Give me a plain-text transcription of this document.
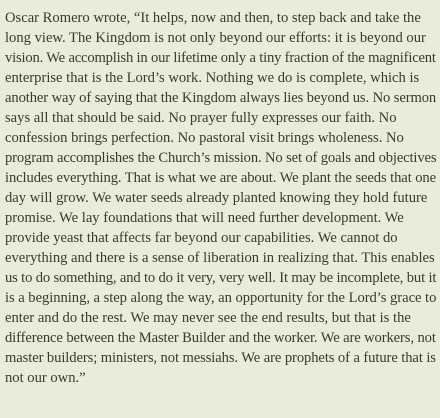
Oscar Romero wrote, “It helps, now and then, to step back and take the
long view. The Kingdom is not only beyond our efforts: it is beyond our
vision. We accomplish in our lifetime only a tiny fraction of the magnificent
enterprise that is the Lord’s work. Nothing we do is complete, which is
another way of saying that the Kingdom always lies beyond us. No sermon
says all that should be said. No prayer fully expresses our faith. No
confession brings perfection. No pastoral visit brings wholeness. No
program accomplishes the Church’s mission. No set of goals and objectives
includes everything. That is what we are about. We plant the seeds that one
day will grow. We water seeds already planted knowing they hold future
promise. We lay foundations that will need further development. We
provide yeast that affects far beyond our capabilities. We cannot do
everything and there is a sense of liberation in realizing that. This enables
us to do something, and to do it very, very well. It may be incomplete, but it
is a beginning, a step along the way, an opportunity for the Lord’s grace to
enter and do the rest. We may never see the end results, but that is the
difference between the Master Builder and the worker. We are workers, not
master builders; ministers, not messiahs. We are prophets of a future that is
not our own.”
